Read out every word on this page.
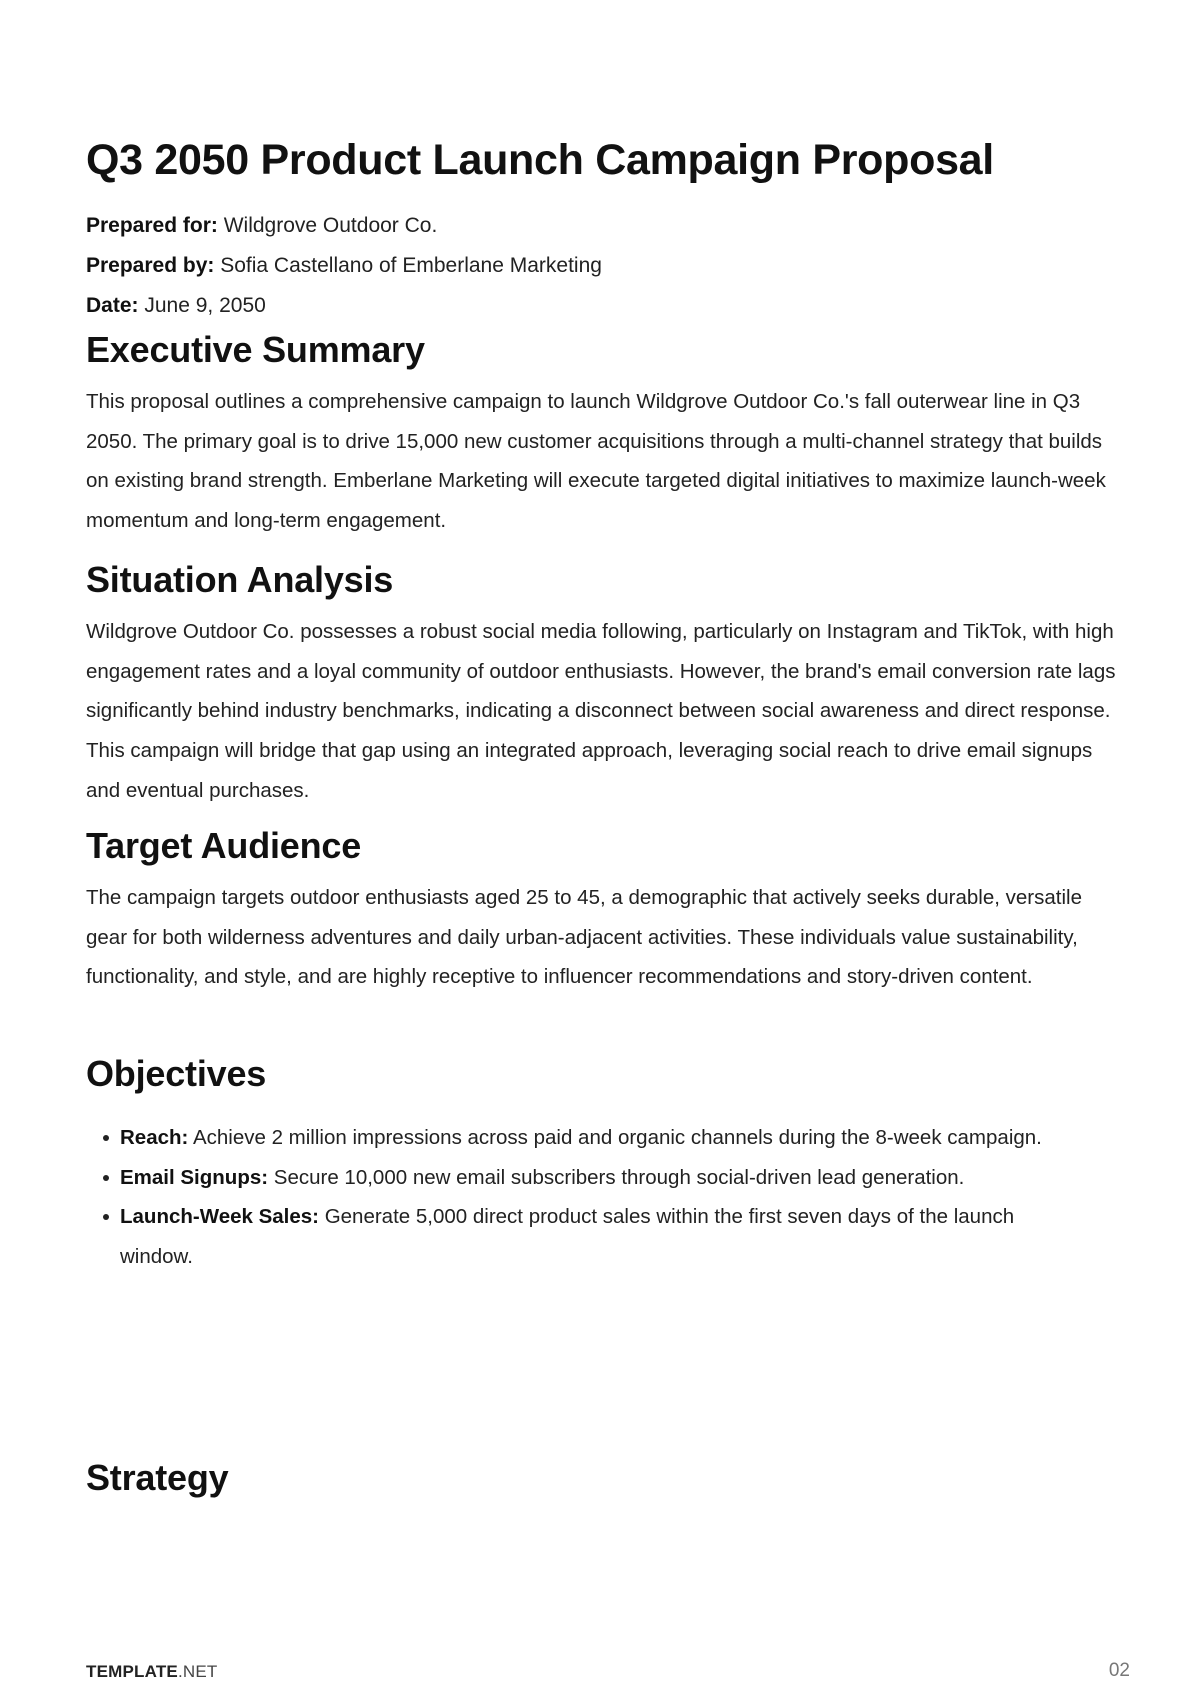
Q3 2050 Product Launch Campaign Proposal
Prepared for: Wildgrove Outdoor Co.
Prepared by: Sofia Castellano of Emberlane Marketing
Date: June 9, 2050
Executive Summary

This proposal outlines a comprehensive campaign to launch Wildgrove Outdoor Co.'s fall outerwear line in Q3 2050. The primary goal is to drive 15,000 new customer acquisitions through a multi-channel strategy that builds on existing brand strength. Emberlane Marketing will execute targeted digital initiatives to maximize launch-week momentum and long-term engagement.

Situation Analysis

Wildgrove Outdoor Co. possesses a robust social media following, particularly on Instagram and TikTok, with high engagement rates and a loyal community of outdoor enthusiasts. However, the brand's email conversion rate lags significantly behind industry benchmarks, indicating a disconnect between social awareness and direct response. This campaign will bridge that gap using an integrated approach, leveraging social reach to drive email signups and eventual purchases.

Target Audience

The campaign targets outdoor enthusiasts aged 25 to 45, a demographic that actively seeks durable, versatile gear for both wilderness adventures and daily urban-adjacent activities. These individuals value sustainability, functionality, and style, and are highly receptive to influencer recommendations and story-driven content.

Objectives
Reach: Achieve 2 million impressions across paid and organic channels during the 8-week campaign.
Email Signups: Secure 10,000 new email subscribers through social-driven lead generation.
Launch-Week Sales: Generate 5,000 direct product sales within the first seven days of the launch window.
Strategy
TEMPLATE.NET	02
